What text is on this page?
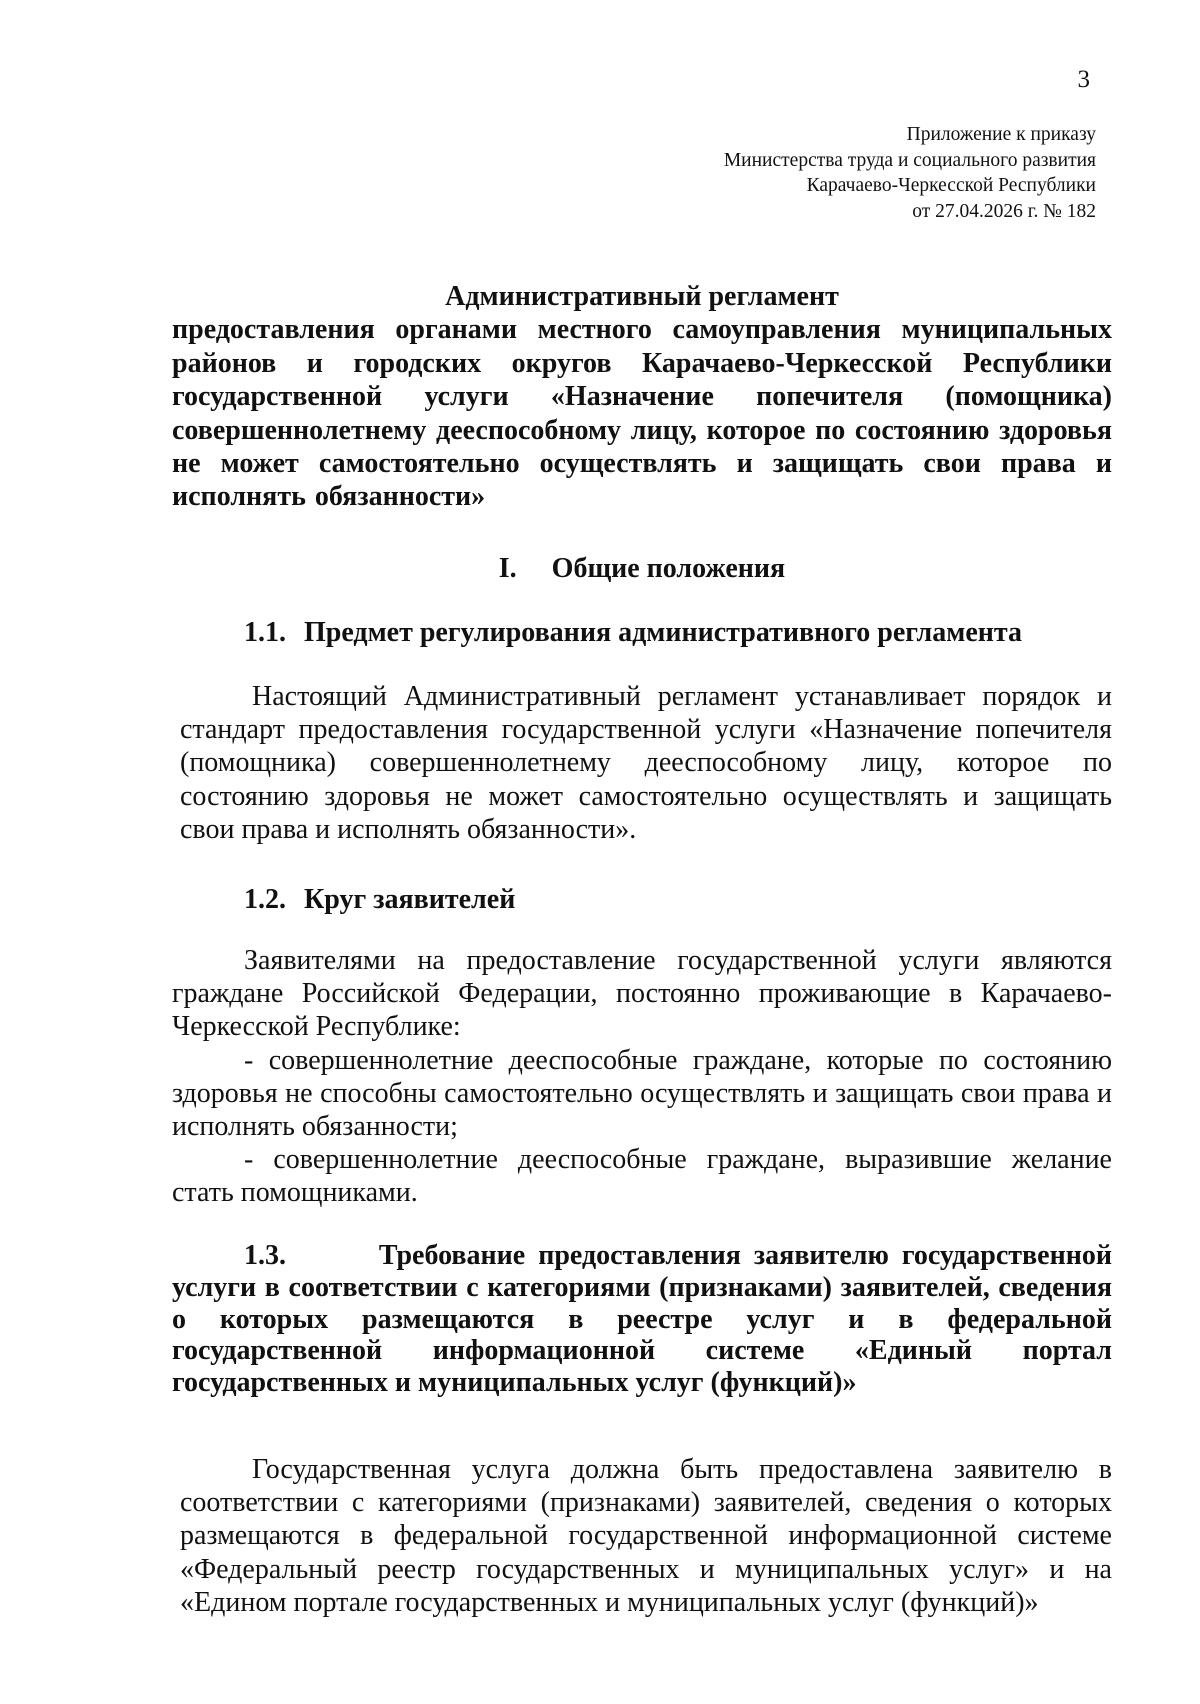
3
Приложение к приказу
Министерства труда и социального развития
Карачаево-Черкесской Республики
от 27.04.2026 г. № 182

Административный регламент

предоставления органами местного самоуправления муниципальных районов и городских округов Карачаево-Черкесской Республики государственной услуги «Назначение попечителя (помощника) совершеннолетнему дееспособному лицу, которое по состоянию здоровья не может самостоятельно осуществлять и защищать свои права и исполнять обязанности»

I.     Общие положения
1.1. Предмет регулирования административного регламента

Настоящий Административный регламент устанавливает порядок и стандарт предоставления государственной услуги «Назначение попечителя (помощника) совершеннолетнему дееспособному лицу, которое по состоянию здоровья не может самостоятельно осуществлять и защищать свои права и исполнять обязанности».

1.2. Круг заявителей

Заявителями на предоставление государственной услуги являются граждане Российской Федерации, постоянно проживающие в Карачаево-Черкесской Республике:

- совершеннолетние дееспособные граждане, которые по состоянию здоровья не способны самостоятельно осуществлять и защищать свои права и исполнять обязанности;

- совершеннолетние дееспособные граждане, выразившие желание стать помощниками.

1.3.	Требование предоставления заявителю государственной услуги в соответствии с категориями (признаками) заявителей, сведения о которых размещаются в реестре услуг и в федеральной государственной информационной системе «Единый портал государственных и муниципальных услуг (функций)»

Государственная услуга должна быть предоставлена заявителю в соответствии с категориями (признаками) заявителей, сведения о которых размещаются в федеральной государственной информационной системе «Федеральный реестр государственных и муниципальных услуг» и на «Едином портале государственных и муниципальных услуг (функций)»
